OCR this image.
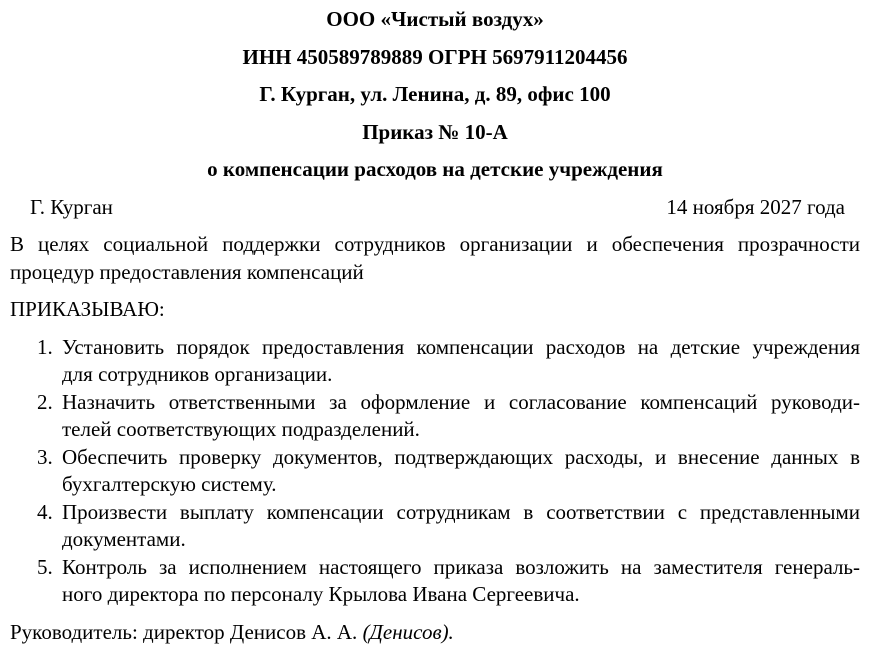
ООО «Чистый воздух»
ИНН 450589789889 ОГРН 5697911204456
Г. Курган, ул. Ленина, д. 89, офис 100
Приказ № 10-А
о компенсации расходов на детские учреждения
Г. Курган	14 ноября 2027 года
В целях социальной поддержки сотрудников организации и обеспечения прозрачности
процедур предоставления компенсаций
ПРИКАЗЫВАЮ:
1. Установить порядок предоставления компенсации расходов на детские учреждения
для сотрудников организации.
2. Назначить ответственными за оформление и согласование компенсаций руководи-
телей соответствующих подразделений.
3. Обеспечить проверку документов, подтверждающих расходы, и внесение данных в
бухгалтерскую систему.
4. Произвести выплату компенсации сотрудникам в соответствии с представленными
документами.
5. Контроль за исполнением настоящего приказа возложить на заместителя генераль-
ного директора по персоналу Крылова Ивана Сергеевича.
Руководитель: директор Денисов А. А. (Денисов).
